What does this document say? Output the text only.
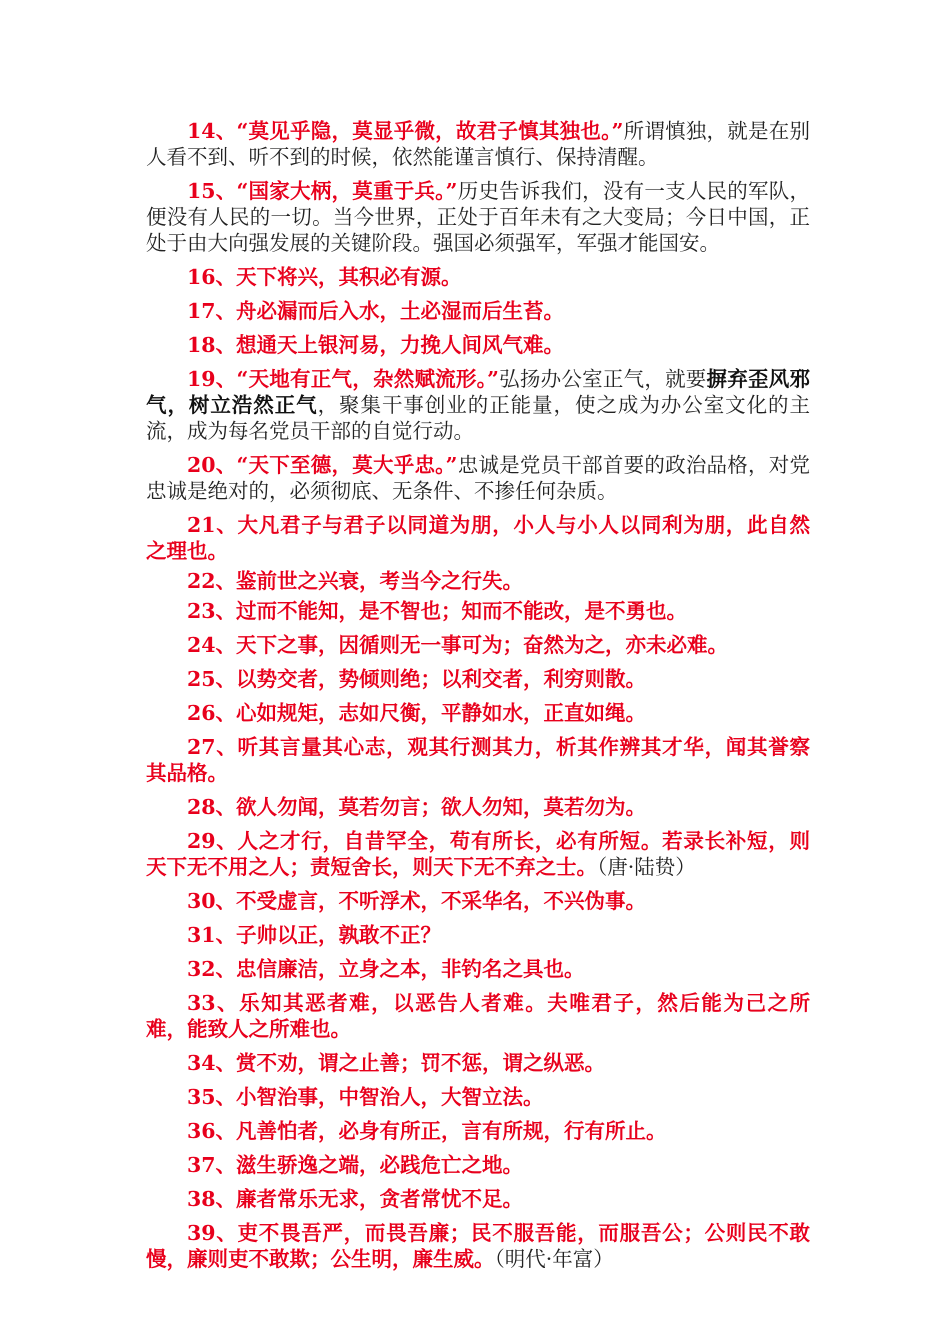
14、“莫见乎隐，莫显乎微，故君子慎其独也。”所谓慎独，就是在别人看不到、听不到的时候，依然能谨言慎行、保持清醒。

15、“国家大柄，莫重于兵。”历史告诉我们，没有一支人民的军队，便没有人民的一切。当今世界，正处于百年未有之大变局；今日中国，正处于由大向强发展的关键阶段。强国必须强军，军强才能国安。

16、天下将兴，其积必有源。

17、舟必漏而后入水，土必湿而后生苔。

18、想通天上银河易，力挽人间风气难。

19、“天地有正气，杂然赋流形。”弘扬办公室正气，就要摒弃歪风邪气，树立浩然正气，聚集干事创业的正能量，使之成为办公室文化的主流，成为每名党员干部的自觉行动。

20、“天下至德，莫大乎忠。”忠诚是党员干部首要的政治品格，对党忠诚是绝对的，必须彻底、无条件、不掺任何杂质。

21、大凡君子与君子以同道为朋，小人与小人以同利为朋，此自然之理也。

22、鉴前世之兴衰，考当今之行失。

23、过而不能知，是不智也；知而不能改，是不勇也。

24、天下之事，因循则无一事可为；奋然为之，亦未必难。

25、以势交者，势倾则绝；以利交者，利穷则散。

26、心如规矩，志如尺衡，平静如水，正直如绳。

27、听其言量其心志，观其行测其力，析其作辨其才华，闻其誉察其品格。

28、欲人勿闻，莫若勿言；欲人勿知，莫若勿为。

29、人之才行，自昔罕全，苟有所长，必有所短。若录长补短，则天下无不用之人；责短舍长，则天下无不弃之士。（唐·陆贽）

30、不受虚言，不听浮术，不采华名，不兴伪事。

31、子帅以正，孰敢不正？

32、忠信廉洁，立身之本，非钓名之具也。

33、乐知其恶者难，以恶告人者难。夫唯君子，然后能为己之所难，能致人之所难也。

34、赏不劝，谓之止善；罚不惩，谓之纵恶。

35、小智治事，中智治人，大智立法。

36、凡善怕者，必身有所正，言有所规，行有所止。

37、滋生骄逸之端，必践危亡之地。

38、廉者常乐无求，贪者常忧不足。

39、吏不畏吾严，而畏吾廉；民不服吾能，而服吾公；公则民不敢慢，廉则吏不敢欺；公生明，廉生威。（明代·年富）
